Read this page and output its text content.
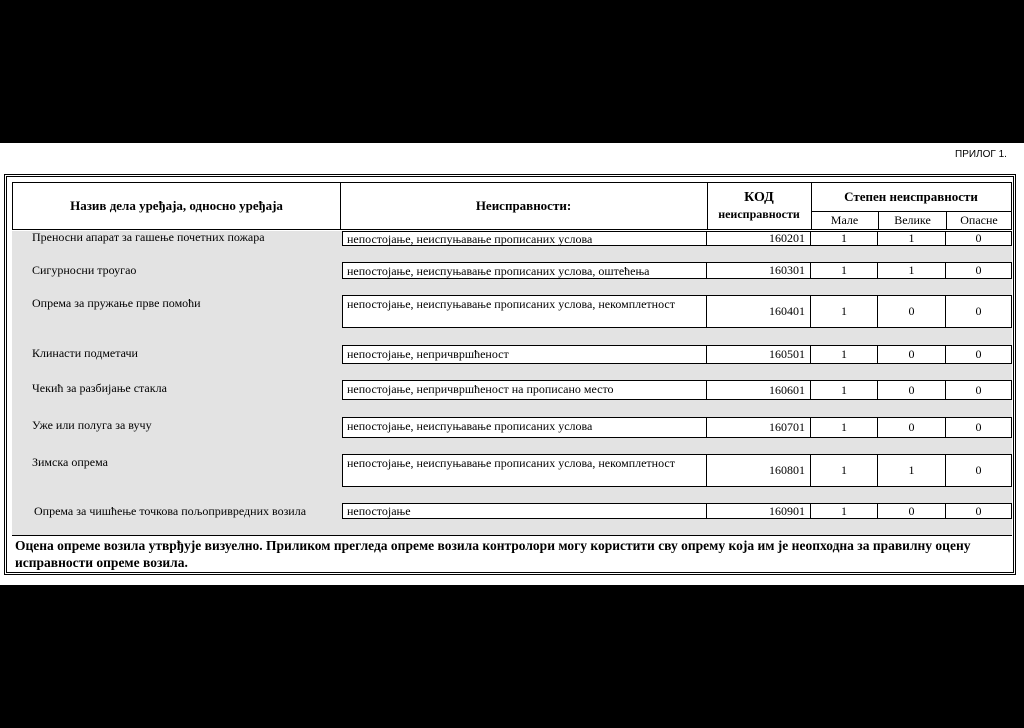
ПРИЛОГ 1.
Назив дела уређаја, односно уређаја	Неисправности:
КОД
неисправности
Степен неисправности
Мале	Велике	Опасне
Преносни апарат за гашење почетних пожара	непостојање, неиспуњавање прописаних услова	160201	1	1	0
Сигурносни троугао	непостојање, неиспуњавање прописаних услова, оштећења	160301	1	1	0
Опрема за пружање прве помоћи	непостојање, неиспуњавање прописаних услова, некомплетност	160401	1	0	0
Клинасти подметачи	непостојање, непричвршћеност	160501	1	0	0
Чекић за разбијање стакла	непостојање, непричвршћеност на прописано место	160601	1	0	0
Уже или полуга за вучу	непостојање, неиспуњавање прописаних услова	160701	1	0	0
Зимска опрема	непостојање, неиспуњавање прописаних услова, некомплетност	160801	1	1	0
Опрема за чишћење точкова пољопривредних возила	непостојање	160901	1	0	0
Оцена опреме возила утврђује визуелно. Приликом прегледа опреме возила контролори могу користити сву опрему која им је неопходна за правилну оцену исправности опреме возила.
